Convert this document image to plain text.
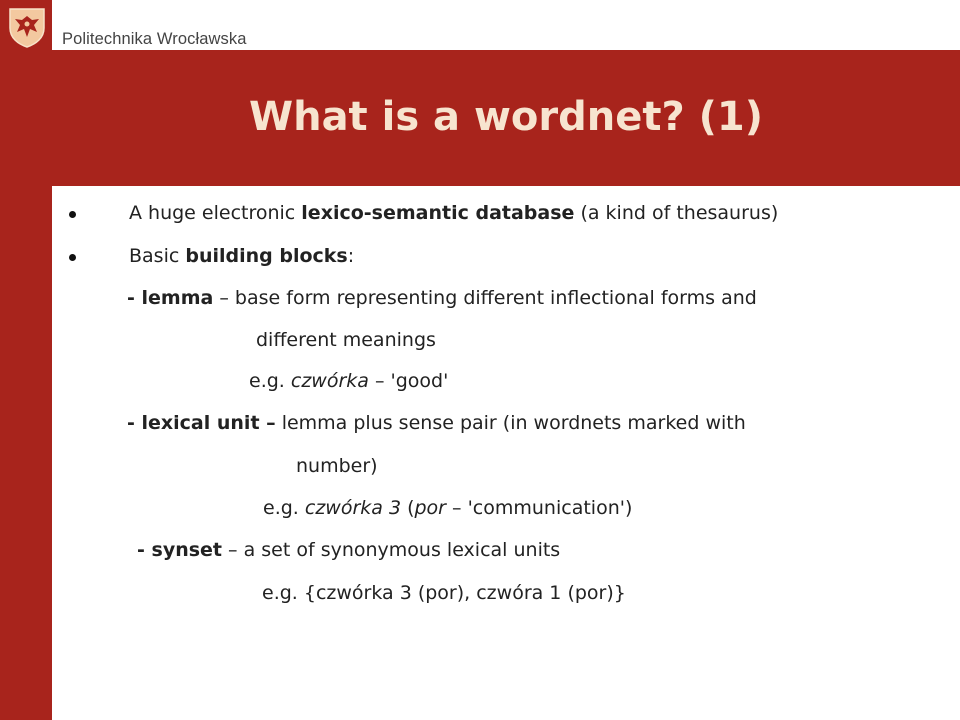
Politechnika Wrocławska
What is a wordnet? (1)
A huge electronic lexico-semantic database (a kind of thesaurus)
Basic building blocks:
- lemma – base form representing different inflectional forms and
different meanings
e.g. czwórka – 'good'
- lexical unit – lemma plus sense pair (in wordnets marked with
number)
e.g. czwórka 3 (por – 'communication')
- synset – a set of synonymous lexical units
e.g. {czwórka 3 (por), czwóra 1 (por)}
